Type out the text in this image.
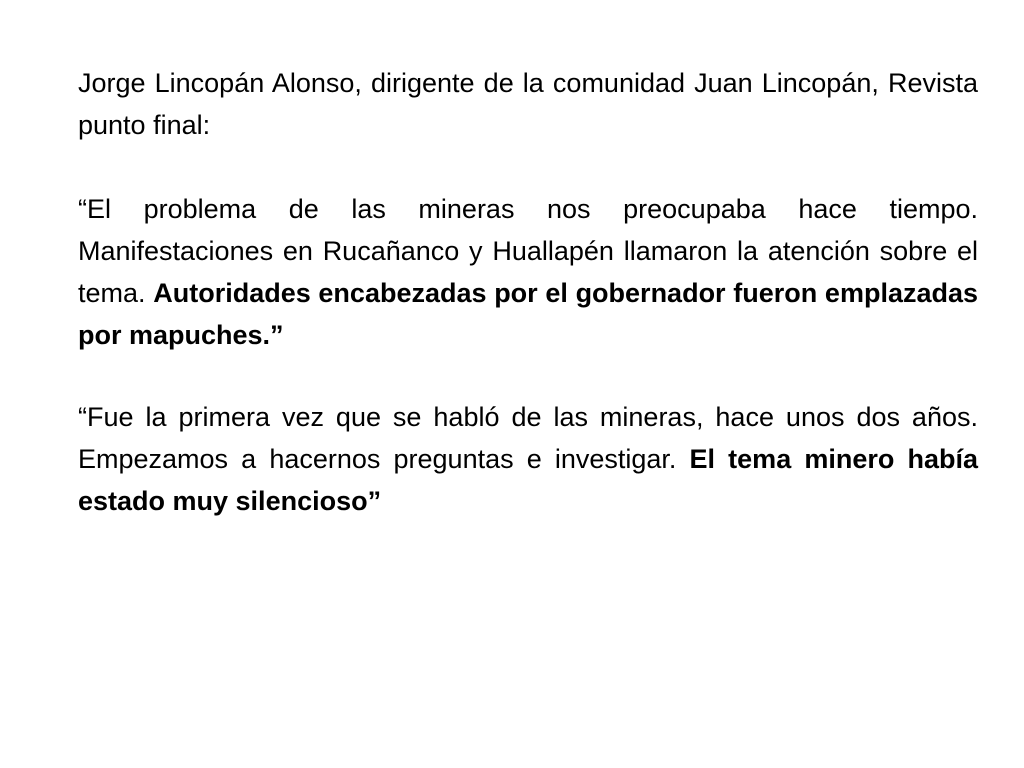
Jorge Lincopán Alonso, dirigente de la comunidad Juan Lincopán, Revista punto final:

“El problema de las mineras nos preocupaba hace tiempo. Manifestaciones en Rucañanco y Huallapén llamaron la atención sobre el tema. Autoridades encabezadas por el gobernador fueron emplazadas por mapuches.”

“Fue la primera vez que se habló de las mineras, hace unos dos años. Empezamos a hacernos preguntas e investigar. El tema minero había estado muy silencioso”
